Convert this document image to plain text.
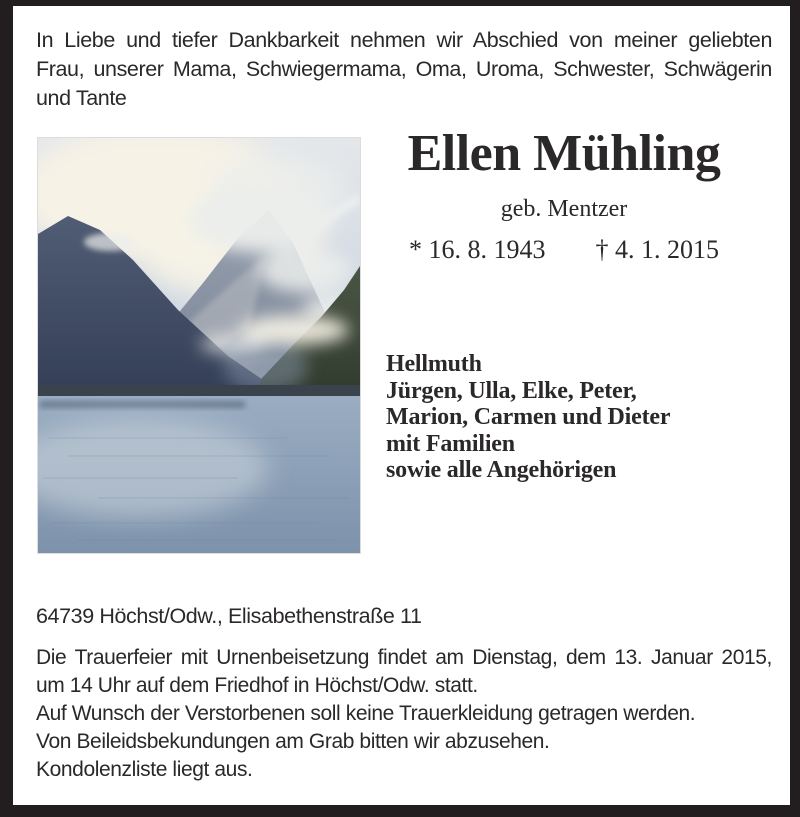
In Liebe und tiefer Dankbarkeit nehmen wir Abschied von meiner geliebten
Frau, unserer Mama, Schwiegermama, Oma, Uroma, Schwester, Schwägerin
und Tante
Ellen Mühling
geb. Mentzer
* 16. 8. 1943 † 4. 1. 2015
Hellmuth
Jürgen, Ulla, Elke, Peter,
Marion, Carmen und Dieter
mit Familien
sowie alle Angehörigen
64739 Höchst/Odw., Elisabethenstraße 11
Die Trauerfeier mit Urnenbeisetzung findet am Dienstag, dem 13. Januar 2015,
um 14 Uhr auf dem Friedhof in Höchst/Odw. statt.
Auf Wunsch der Verstorbenen soll keine Trauerkleidung getragen werden.
Von Beileidsbekundungen am Grab bitten wir abzusehen.
Kondolenzliste liegt aus.
